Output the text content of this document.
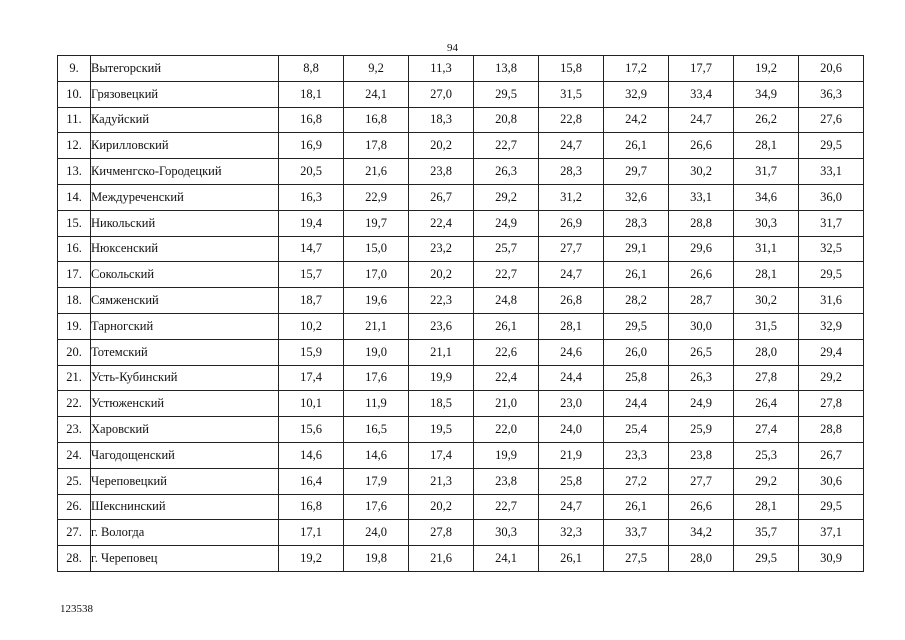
94
9.	Вытегорский	8,8	9,2	11,3	13,8	15,8	17,2	17,7	19,2	20,6
10.	Грязовецкий	18,1	24,1	27,0	29,5	31,5	32,9	33,4	34,9	36,3
11.	Кадуйский	16,8	16,8	18,3	20,8	22,8	24,2	24,7	26,2	27,6
12.	Кирилловский	16,9	17,8	20,2	22,7	24,7	26,1	26,6	28,1	29,5
13.	Кичменгско-Городецкий	20,5	21,6	23,8	26,3	28,3	29,7	30,2	31,7	33,1
14.	Междуреченский	16,3	22,9	26,7	29,2	31,2	32,6	33,1	34,6	36,0
15.	Никольский	19,4	19,7	22,4	24,9	26,9	28,3	28,8	30,3	31,7
16.	Нюксенский	14,7	15,0	23,2	25,7	27,7	29,1	29,6	31,1	32,5
17.	Сокольский	15,7	17,0	20,2	22,7	24,7	26,1	26,6	28,1	29,5
18.	Сямженский	18,7	19,6	22,3	24,8	26,8	28,2	28,7	30,2	31,6
19.	Тарногский	10,2	21,1	23,6	26,1	28,1	29,5	30,0	31,5	32,9
20.	Тотемский	15,9	19,0	21,1	22,6	24,6	26,0	26,5	28,0	29,4
21.	Усть-Кубинский	17,4	17,6	19,9	22,4	24,4	25,8	26,3	27,8	29,2
22.	Устюженский	10,1	11,9	18,5	21,0	23,0	24,4	24,9	26,4	27,8
23.	Харовский	15,6	16,5	19,5	22,0	24,0	25,4	25,9	27,4	28,8
24.	Чагодощенский	14,6	14,6	17,4	19,9	21,9	23,3	23,8	25,3	26,7
25.	Череповецкий	16,4	17,9	21,3	23,8	25,8	27,2	27,7	29,2	30,6
26.	Шекснинский	16,8	17,6	20,2	22,7	24,7	26,1	26,6	28,1	29,5
27.	г. Вологда	17,1	24,0	27,8	30,3	32,3	33,7	34,2	35,7	37,1
28.	г. Череповец	19,2	19,8	21,6	24,1	26,1	27,5	28,0	29,5	30,9
123538
